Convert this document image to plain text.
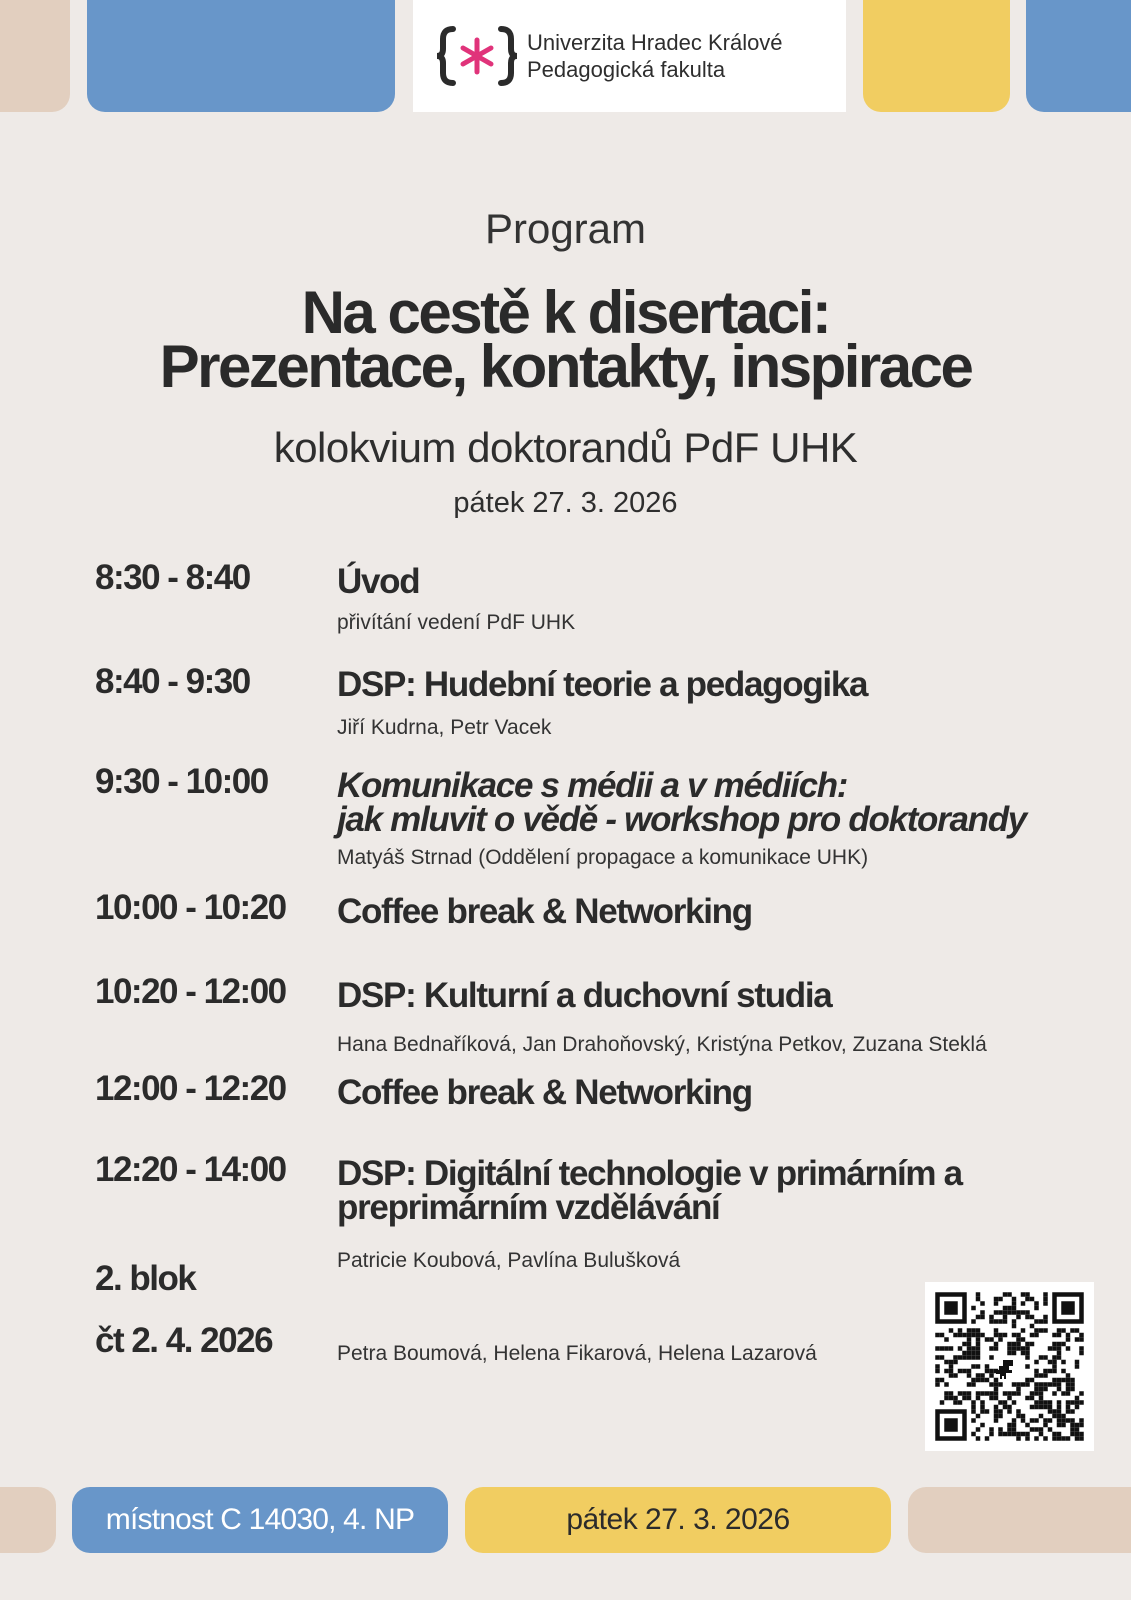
Univerzita Hradec Králové
Pedagogická fakulta
Program
Na cestě k disertaci:
Prezentace, kontakty, inspirace
kolokvium doktorandů PdF UHK
pátek 27. 3. 2026
8:30 - 8:40 Úvod
přivítání vedení PdF UHK
8:40 - 9:30 DSP: Hudební teorie a pedagogika
Jiří Kudrna, Petr Vacek
9:30 - 10:00 Komunikace s médii a v médiích:
jak mluvit o vědě - workshop pro doktorandy
Matyáš Strnad (Oddělení propagace a komunikace UHK)
10:00 - 10:20 Coffee break & Networking
10:20 - 12:00 DSP: Kulturní a duchovní studia
Hana Bednaříková, Jan Drahoňovský, Kristýna Petkov, Zuzana Steklá
12:00 - 12:20 Coffee break & Networking
12:20 - 14:00 DSP: Digitální technologie v primárním a
preprimárním vzdělávání
Patricie Koubová, Pavlína Bulušková
2. blok
čt 2. 4. 2026	Petra Boumová, Helena Fikarová, Helena Lazarová
místnost C 14030, 4. NP	pátek 27. 3. 2026
